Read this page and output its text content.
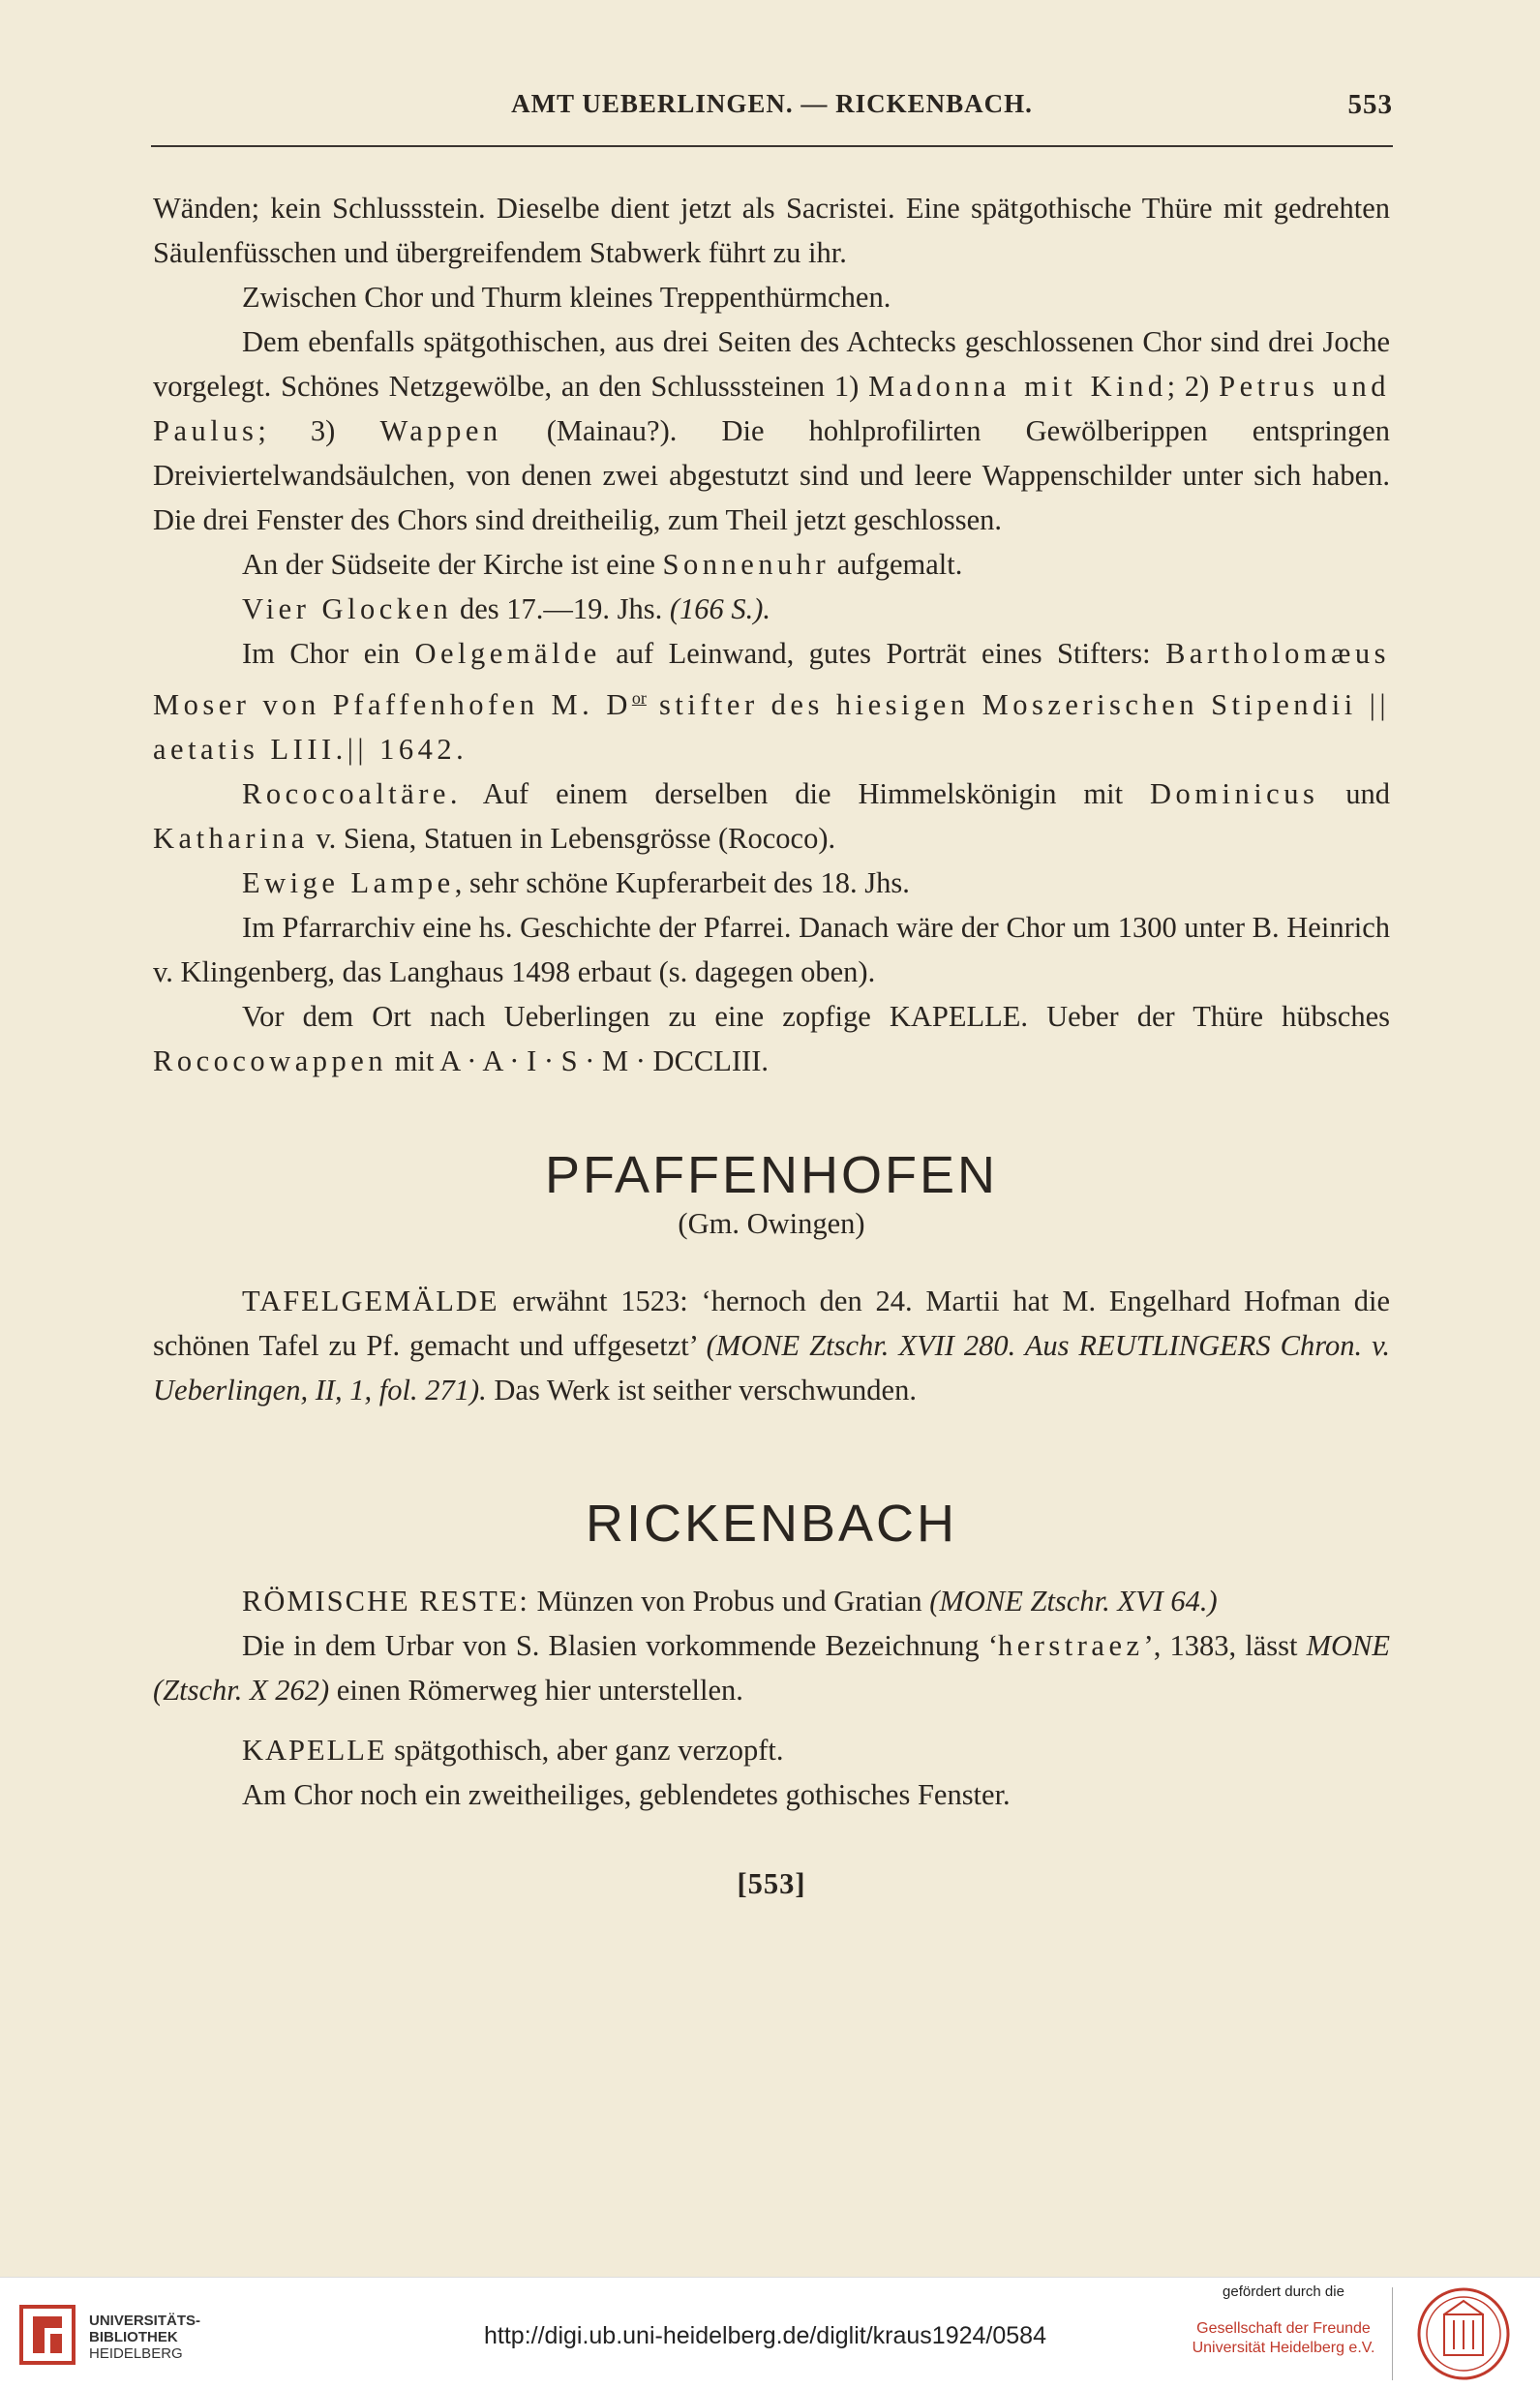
AMT UEBERLINGEN. — RICKENBACH.	553

Wänden; kein Schlussstein. Dieselbe dient jetzt als Sacristei. Eine spätgothische Thüre mit gedrehten Säulenfüsschen und übergreifendem Stabwerk führt zu ihr.

Zwischen Chor und Thurm kleines Treppenthürmchen.

Dem ebenfalls spätgothischen, aus drei Seiten des Achtecks geschlossenen Chor sind drei Joche vorgelegt. Schönes Netzgewölbe, an den Schlusssteinen 1) Madonna mit Kind; 2) Petrus und Paulus; 3) Wappen (Mainau?). Die hohlprofilirten Gewölberippen entspringen Dreiviertelwandsäulchen, von denen zwei abgestutzt sind und leere Wappenschilder unter sich haben. Die drei Fenster des Chors sind dreitheilig, zum Theil jetzt geschlossen.

An der Südseite der Kirche ist eine Sonnenuhr aufgemalt.

Vier Glocken des 17.—19. Jhs. (166 S.).

Im Chor ein Oelgemälde auf Leinwand, gutes Porträt eines Stifters: Bartholomæus Moser von Pfaffenhofen M. $D^{or}$ stifter des hiesigen Moszerischen Stipendii || aetatis LIII.|| 1642.

Rococoaltäre. Auf einem derselben die Himmelskönigin mit Dominicus und Katharina v. Siena, Statuen in Lebensgrösse (Rococo).

Ewige Lampe, sehr schöne Kupferarbeit des 18. Jhs.

Im Pfarrarchiv eine hs. Geschichte der Pfarrei. Danach wäre der Chor um 1300 unter B. Heinrich v. Klingenberg, das Langhaus 1498 erbaut (s. dagegen oben).

Vor dem Ort nach Ueberlingen zu eine zopfige KAPELLE. Ueber der Thüre hübsches Rococowappen mit A · A · I · S · M · DCCLIII.

PFAFFENHOFEN

(Gm. Owingen)

TAFELGEMÄLDE erwähnt 1523: ‘hernoch den 24. Martii hat M. Engelhard Hofman die schönen Tafel zu Pf. gemacht und uffgesetzt’ (MONE Ztschr. XVII 280. Aus REUTLINGERS Chron. v. Ueberlingen, II, 1, fol. 271). Das Werk ist seither verschwunden.

RICKENBACH

RÖMISCHE RESTE: Münzen von Probus und Gratian (MONE Ztschr. XVI 64.)

Die in dem Urbar von S. Blasien vorkommende Bezeichnung ‘herstraez’, 1383, lässt MONE (Ztschr. X 262) einen Römerweg hier unterstellen.

KAPELLE spätgothisch, aber ganz verzopft.

Am Chor noch ein zweitheiliges, geblendetes gothisches Fenster.

[553]

UNIVERSITÄTS-
BIBLIOTHEK
HEIDELBERG
http://digi.ub.uni-heidelberg.de/diglit/kraus1924/0584
gefördert durch die
Gesellschaft der Freunde
Universität Heidelberg e.V.
